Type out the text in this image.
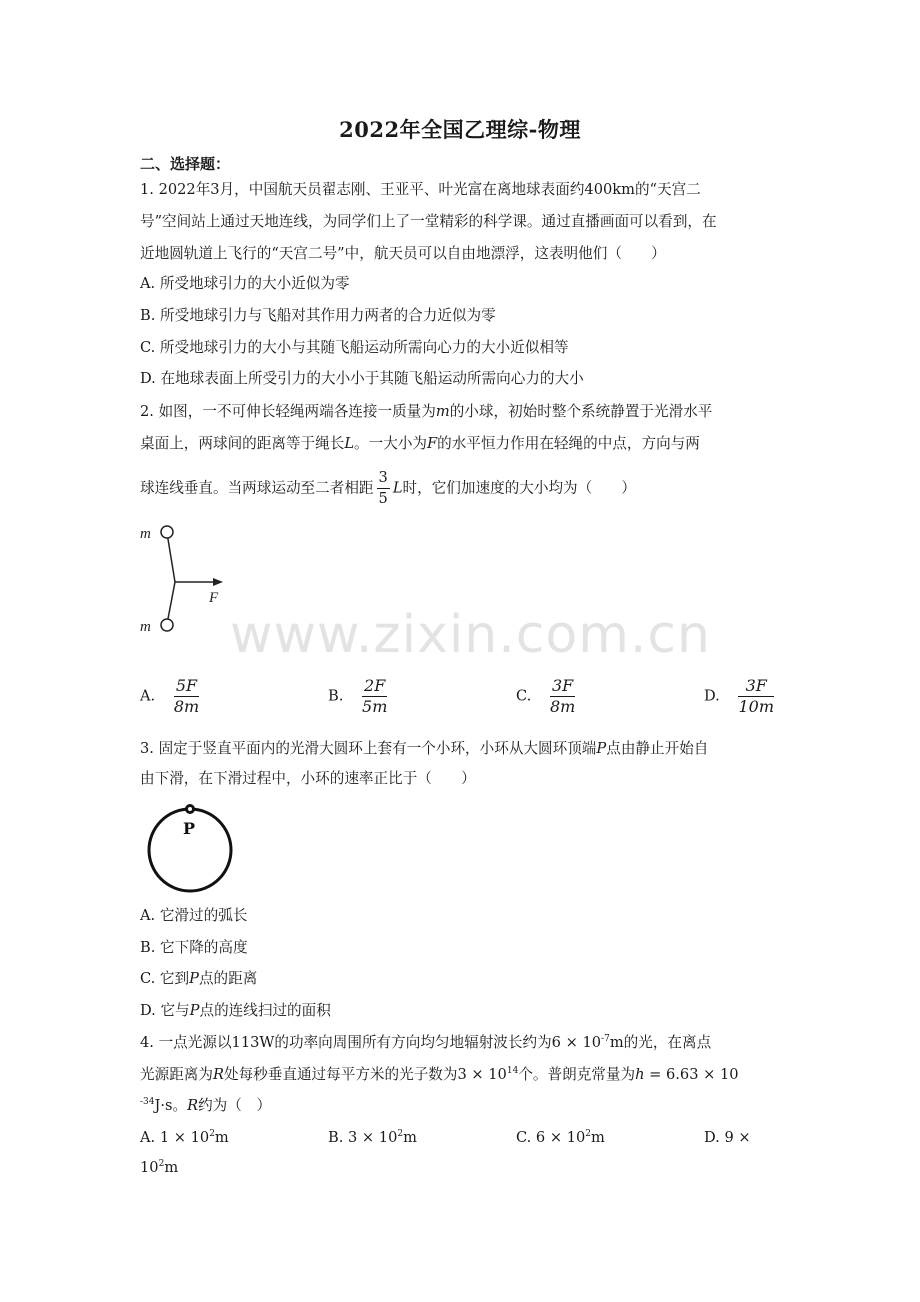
www.zixin.com.cn
2022年全国乙理综-物理
二、选择题：
1. 2022年3月，中国航天员翟志刚、王亚平、叶光富在离地球表面约400km的“天宫二
号”空间站上通过天地连线，为同学们上了一堂精彩的科学课。通过直播画面可以看到，在
近地圆轨道上飞行的“天宫二号”中，航天员可以自由地漂浮，这表明他们（　　）
A. 所受地球引力的大小近似为零
B. 所受地球引力与飞船对其作用力两者的合力近似为零
C. 所受地球引力的大小与其随飞船运动所需向心力的大小近似相等
D. 在地球表面上所受引力的大小小于其随飞船运动所需向心力的大小
2. 如图，一不可伸长轻绳两端各连接一质量为m的小球，初始时整个系统静置于光滑水平
桌面上，两球间的距离等于绳长L。一大小为F的水平恒力作用在轻绳的中点，方向与两
球连线垂直。当两球运动至二者相距 $\frac{3}{5}$ L时，它们加速度的大小均为（　　）
m
m
F
A. $\frac{5F}{8m}$	B. $\frac{2F}{5m}$	C. $\frac{3F}{8m}$	D. $\frac{3F}{10m}$
3. 固定于竖直平面内的光滑大圆环上套有一个小环，小环从大圆环顶端P点由静止开始自
由下滑，在下滑过程中，小环的速率正比于（　　）
P
A. 它滑过的弧长
B. 它下降的高度
C. 它到P点的距离
D. 它与P点的连线扫过的面积
4. 一点光源以113W的功率向周围所有方向均匀地辐射波长约为$6 \times 10^{-7}m$的光，在离点
光源距离为R处每秒垂直通过每平方米的光子数为$3 \times 10^{14}$个。普朗克常量为h = 6.63 × 10
$^{-34}$J·s。R约为（　）
A. $1 \times 10^2m$	B. $3 \times 10^2m$	C. $6 \times 10^2m$	D. 9 ×
$10^2m$
